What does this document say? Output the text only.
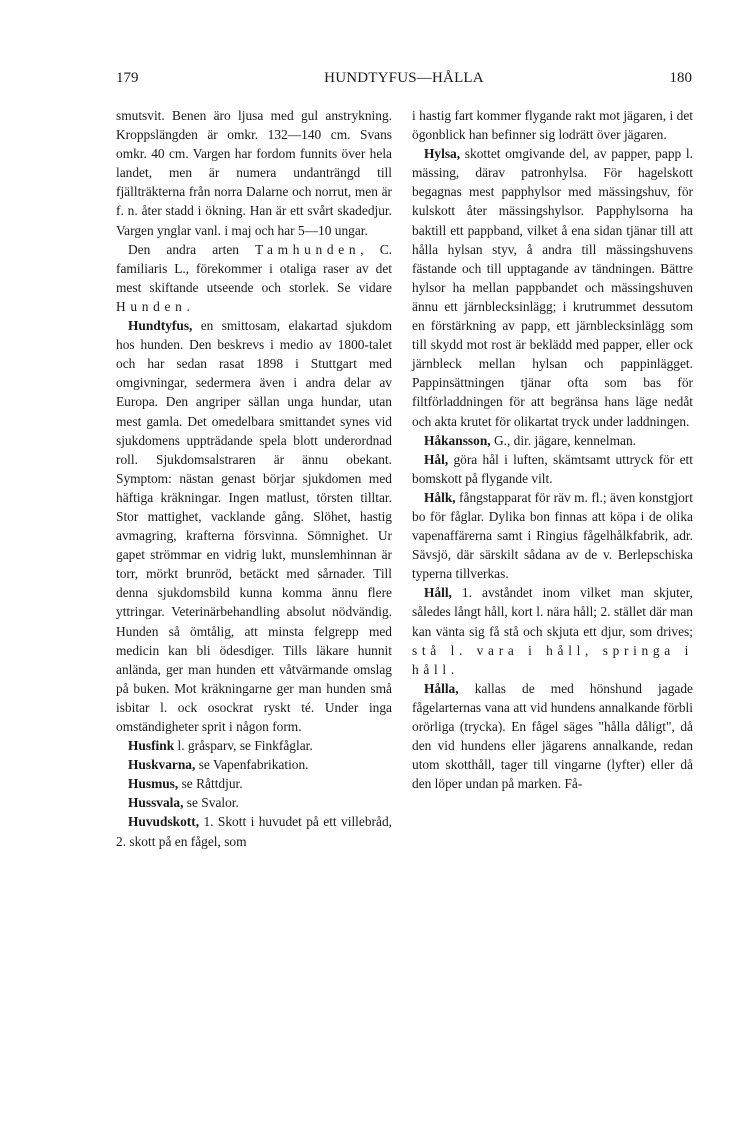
179	HUNDTYFUS—HÅLLA	180

smutsvit. Benen äro ljusa med gul anstrykning. Kroppslängden är omkr. 132—140 cm. Svans omkr. 40 cm. Vargen har fordom funnits över hela landet, men är numera undanträngd till fjällträkterna från norra Dalarne och norrut, men är f. n. åter stadd i ökning. Han är ett svårt skadedjur. Vargen ynglar vanl. i maj och har 5—10 ungar.

Den andra arten Tamhunden, C. familiaris L., förekommer i otaliga raser av det mest skiftande utseende och storlek. Se vidare Hunden.

Hundtyfus, en smittosam, elakartad sjukdom hos hunden. Den beskrevs i medio av 1800-talet och har sedan rasat 1898 i Stuttgart med omgivningar, sedermera även i andra delar av Europa. Den angriper sällan unga hundar, utan mest gamla. Det omedelbara smittandet synes vid sjukdomens uppträdande spela blott underordnad roll. Sjukdomsalstraren är ännu obekant. Symptom: nästan genast börjar sjukdomen med häftiga kräkningar. Ingen matlust, törsten tilltar. Stor mattighet, vacklande gång. Slöhet, hastig avmagring, krafterna försvinna. Sömnighet. Ur gapet strömmar en vidrig lukt, munslemhinnan är torr, mörkt brunröd, betäckt med sårnader. Till denna sjukdomsbild kunna komma ännu flere yttringar. Veterinärbehandling absolut nödvändig. Hunden så ömtålig, att minsta felgrepp med medicin kan bli ödesdiger. Tills läkare hunnit anlända, ger man hunden ett våtvärmande omslag på buken. Mot kräkningarne ger man hunden små isbitar l. ock osockrat ryskt té. Under inga omständigheter sprit i någon form.

Husfink l. gråsparv, se Finkfåglar.

Huskvarna, se Vapenfabrikation.

Husmus, se Råttdjur.

Hussvala, se Svalor.

Huvudskott, 1. Skott i huvudet på ett villebråd, 2. skott på en fågel, som

i hastig fart kommer flygande rakt mot jägaren, i det ögonblick han befinner sig lodrätt över jägaren.

Hylsa, skottet omgivande del, av papper, papp l. mässing, därav patronhylsa. För hagelskott begagnas mest papphylsor med mässingshuv, för kulskott åter mässingshylsor. Papphylsorna ha baktill ett pappband, vilket å ena sidan tjänar till att hålla hylsan styv, å andra till mässingshuvens fästande och till upptagande av tändningen. Bättre hylsor ha mellan pappbandet och mässingshuven ännu ett järnblecksinlägg; i krutrummet dessutom en förstärkning av papp, ett järnblecksinlägg som till skydd mot rost är beklädd med papper, eller ock järnbleck mellan hylsan och pappinlägget. Pappinsättningen tjänar ofta som bas för filtförladdningen för att begränsa hans läge nedåt och akta krutet för olikartat tryck under laddningen.

Håkansson, G., dir. jägare, kennelman.

Hål, göra hål i luften, skämtsamt uttryck för ett bomskott på flygande vilt.

Hålk, fångstapparat för räv m. fl.; även konstgjort bo för fåglar. Dylika bon finnas att köpa i de olika vapenaffärerna samt i Ringius fågelhålkfabrik, adr. Sävsjö, där särskilt sådana av de v. Berlepschiska typerna tillverkas.

Håll, 1. avståndet inom vilket man skjuter, således långt håll, kort l. nära håll; 2. stället där man kan vänta sig få stå och skjuta ett djur, som drives; stå l. vara i håll, springa i håll.

Hålla, kallas de med hönshund jagade fågelarternas vana att vid hundens annalkande förbli orörliga (trycka). En fågel säges "hålla dåligt", då den vid hundens eller jägarens annalkande, redan utom skotthåll, tager till vingarne (lyfter) eller då den löper undan på marken. Få-
